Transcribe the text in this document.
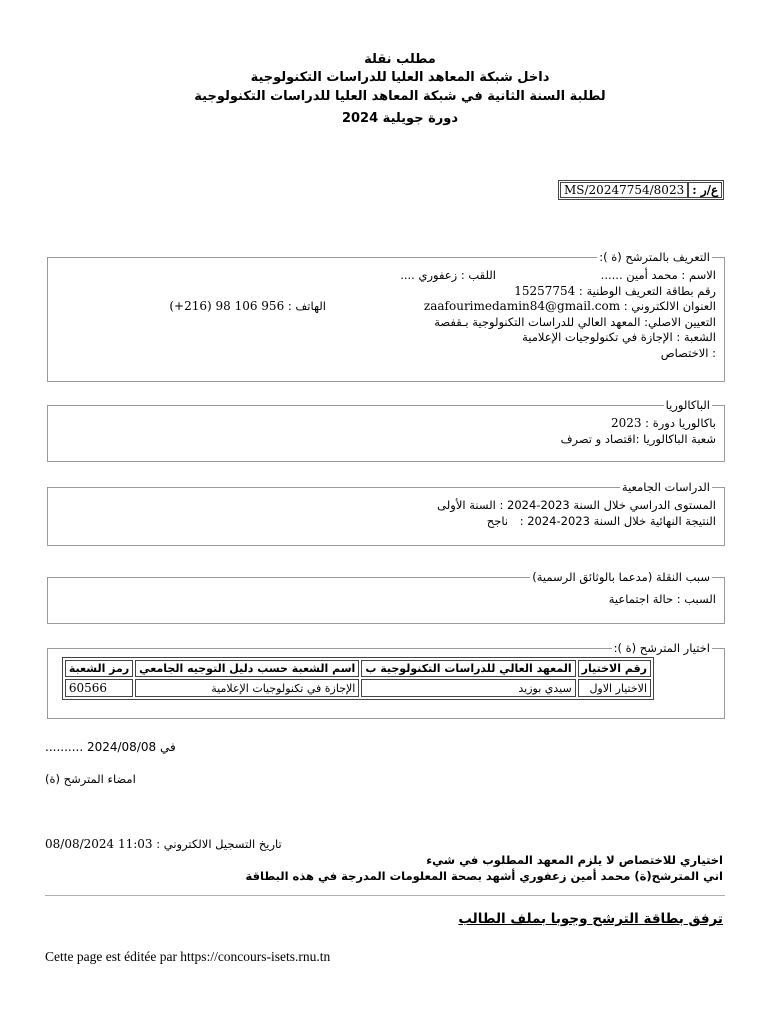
مطلب نقلة
داخل شبكة المعاهد العليا للدراسات التكنولوجية
لطلبة السنة الثانية في شبكة المعاهد العليا للدراسات التكنولوجية
دورة جويلية 2024
ع/ر :
MS/20247754/8023
التعريف بالمترشح (ة ):
الاسم : محمد أمين ......
اللقب : زعفوري ....
رقم بطاقة التعريف الوطنية : 15257754
العنوان الالكتروني : zaafourimedamin84@gmail.com
الهاتف : (+216) 98 106 956
التعيين الاصلي: المعهد العالي للدراسات التكنولوجية بـقفصة
الشعبة : الإجازة في تكنولوجيات الإعلامية
: الاختصاص
الباكالوريا
باكالوريا دورة : 2023
شعبة الباكالوريا :اقتصاد و تصرف
الدراسات الجامعية
المستوى الدراسي خلال السنة 2023-2024 : السنة الأولى
النتيجة النهائية خلال السنة 2023-2024 : ناجح
سبب النقلة (مدعما بالوثائق الرسمية)
السبب : حالة اجتماعية
اختيار المترشح (ة ):
رقم الاختيار	المعهد العالي للدراسات التكنولوجية ب	اسم الشعبة حسب دليل التوجيه الجامعي	رمز الشعبة
الاختيار الاول	سيدي بوزيد	الإجازة في تكنولوجيات الإعلامية	60566
في 2024/08/08 ..........
امضاء المترشح (ة)
تاريخ التسجيل الالكتروني : 08/08/2024 11:03
اختياري للاختصاص لا يلزم المعهد المطلوب في شيء
اني المترشح(ة) محمد أمين زعفوري أشهد بصحة المعلومات المدرجة في هذه البطاقة
ترفق بطاقة الترشح وجوبا بملف الطالب
Cette page est éditée par https://concours-isets.rnu.tn
